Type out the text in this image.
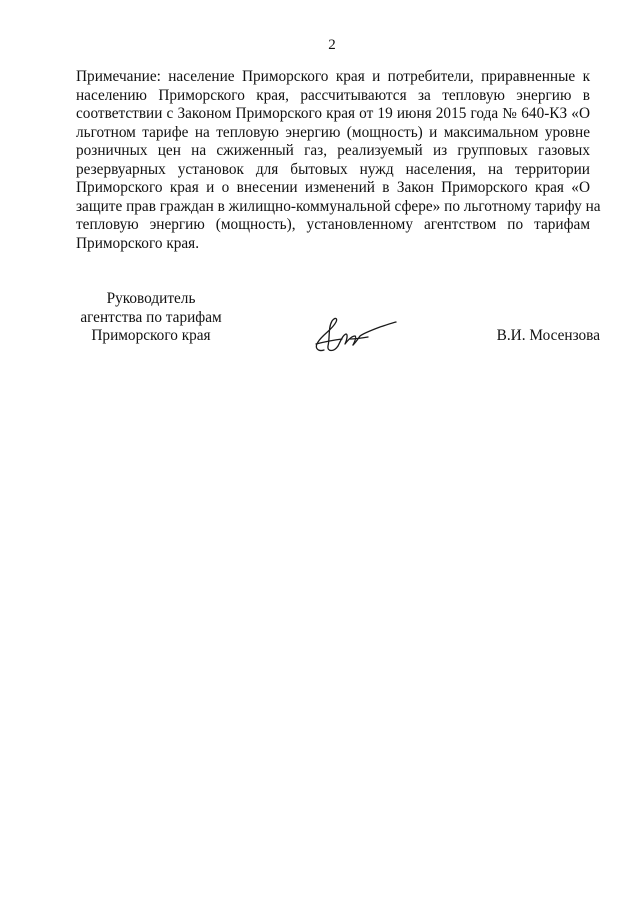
2
Примечание: население Приморского края и потребители, приравненные к
населению Приморского края, рассчитываются за тепловую энергию в
соответствии с Законом Приморского края от 19 июня 2015 года № 640-КЗ «О
льготном тарифе на тепловую энергию (мощность) и максимальном уровне
розничных цен на сжиженный газ, реализуемый из групповых газовых
резервуарных установок для бытовых нужд населения, на территории
Приморского края и о внесении изменений в Закон Приморского края «О
защите прав граждан в жилищно-коммунальной сфере» по льготному тарифу на
тепловую энергию (мощность), установленному агентством по тарифам
Приморского края.
Руководитель
агентства по тарифам
Приморского края	В.И. Мосензова
